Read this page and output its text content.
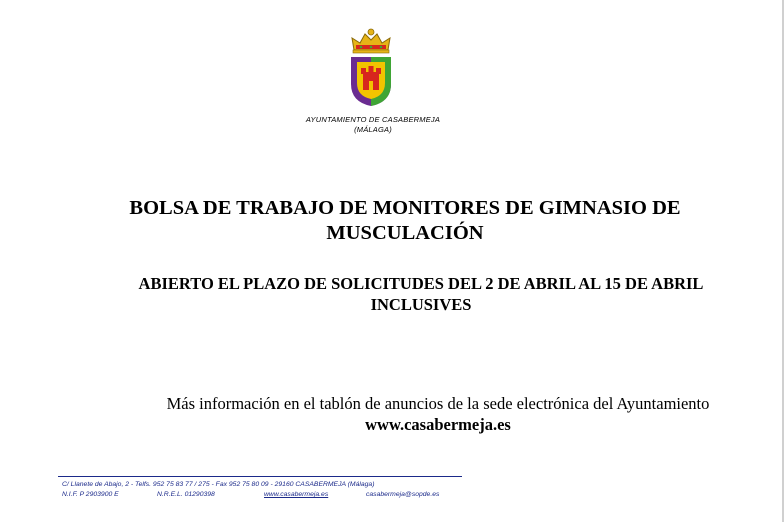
AYUNTAMIENTO DE CASABERMEJA
(MÁLAGA)
BOLSA DE TRABAJO DE MONITORES DE GIMNASIO DE
MUSCULACIÓN
ABIERTO EL PLAZO DE SOLICITUDES DEL 2 DE ABRIL AL 15 DE ABRIL
INCLUSIVES
Más información en el tablón de anuncios de la sede electrónica del Ayuntamiento
www.casabermeja.es
C/ Llanete de Abajo, 2 - Telfs. 952 75 83 77 / 275 - Fax 952 75 80 09 - 29160 CASABERMEJA (Málaga)
N.I.F. P 2903900 E	N.R.E.L. 01290398	www.casabermeja.es	casabermeja@sopde.es
